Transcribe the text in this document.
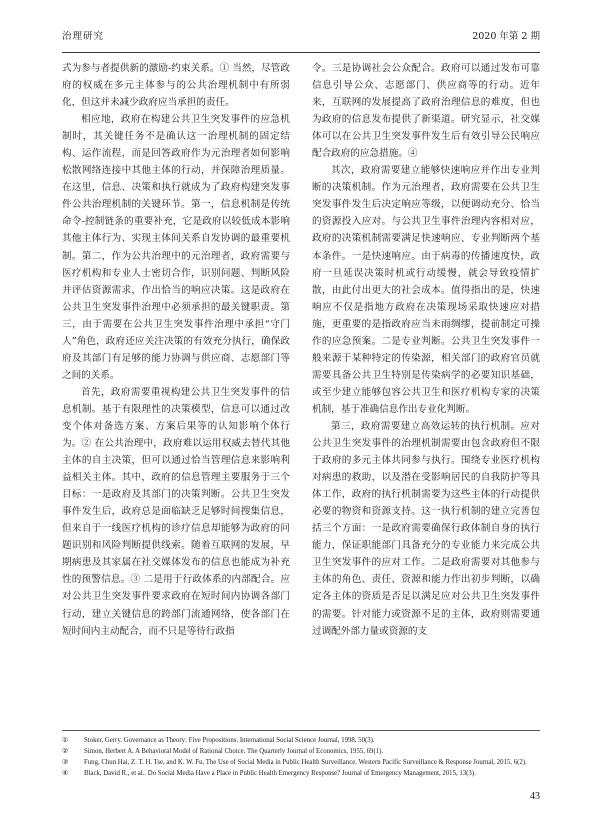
治理研究	2020 年第 2 期

式为参与者提供新的激励-约束关系。① 当然，尽管政府的权威在多元主体参与的公共治理机制中有所弱化，但这并未减少政府应当承担的责任。

相应地，政府在构建公共卫生突发事件的应急机制时，其关键任务不是确认这一治理机制的固定结构、运作流程，而是回答政府作为元治理者如何影响松散网络连接中其他主体的行动，并保障治理质量。在这里，信息、决策和执行就成为了政府构建突发事件公共治理机制的关键环节。第一，信息机制是传统命令-控制链条的重要补充，它是政府以较低成本影响其他主体行为、实现主体间关系自发协调的最重要机制。第二，作为公共治理中的元治理者，政府需要与医疗机构和专业人士密切合作，识别问题、判断风险并评估资源需求，作出恰当的响应决策。这是政府在公共卫生突发事件治理中必须承担的最关键职责。第三，由于需要在公共卫生突发事件治理中承担“守门人”角色，政府还应关注决策的有效充分执行，确保政府及其部门有足够的能力协调与供应商、志愿部门等之间的关系。

首先，政府需要重视构建公共卫生突发事件的信息机制。基于有限理性的决策模型，信息可以通过改变个体对备选方案、方案后果等的认知影响个体行为。② 在公共治理中，政府难以运用权威去替代其他主体的自主决策，但可以通过恰当管理信息来影响利益相关主体。其中，政府的信息管理主要服务于三个目标：一是政府及其部门的决策判断。公共卫生突发事件发生后，政府总是面临缺乏足够时间搜集信息，但来自于一线医疗机构的诊疗信息却能够为政府的问题识别和风险判断提供线索。随着互联网的发展，早期病患及其家属在社交媒体发布的信息也能成为补充性的预警信息。③ 二是用于行政体系的内部配合。应对公共卫生突发事件要求政府在短时间内协调各部门行动，建立关键信息的跨部门流通网络，使各部门在短时间内主动配合，而不只是等待行政指

令。三是协调社会公众配合。政府可以通过发布可靠信息引导公众、志愿部门、供应商等的行动。近年来，互联网的发展提高了政府治理信息的难度，但也为政府的信息发布提供了新渠道。研究显示，社交媒体可以在公共卫生突发事件发生后有效引导公民响应配合政府的应急措施。④

其次，政府需要建立能够快速响应并作出专业判断的决策机制。作为元治理者，政府需要在公共卫生突发事件发生后决定响应等级，以便调动充分、恰当的资源投入应对。与公共卫生事件治理内容相对应，政府的决策机制需要满足快速响应、专业判断两个基本条件。一是快速响应。由于病毒的传播速度快，政府一旦延误决策时机或行动缓慢，就会导致疫情扩散，由此付出更大的社会成本。值得指出的是，快速响应不仅是指地方政府在决策现场采取快速应对措施，更重要的是指政府应当未雨绸缪，提前制定可操作的应急预案。二是专业判断。公共卫生突发事件一般来源于某种特定的传染源，相关部门的政府官员就需要具备公共卫生特别是传染病学的必要知识基础，或至少建立能够包容公共卫生和医疗机构专家的决策机制，基于准确信息作出专业化判断。

第三，政府需要建立高效运转的执行机制。应对公共卫生突发事件的治理机制需要由包含政府但不限于政府的多元主体共同参与执行。围绕专业医疗机构对病患的救助，以及潜在受影响居民的自我防护等具体工作，政府的执行机制需要为这些主体的行动提供必要的物资和资源支持。这一执行机制的建立完善包括三个方面：一是政府需要确保行政体制自身的执行能力，保证职能部门具备充分的专业能力来完成公共卫生突发事件的应对工作。二是政府需要对其他参与主体的角色、责任、资源和能力作出初步判断，以确定各主体的资质是否足以满足应对公共卫生突发事件的需要。针对能力或资源不足的主体，政府则需要通过调配外部力量或资源的支

①	Stoker, Gerry. Governance as Theory: Five Propositions. International Social Science Journal, 1998, 50(3).
②	Simon, Herbert A. A Behavioral Model of Rational Choice. The Quarterly Journal of Economics, 1955, 69(1).
③	Fung, Chun Hai, Z. T. H. Tse, and K. W. Fu. The Use of Social Media in Public Health Surveillance. Western Pacific Surveillance & Response Journal, 2015, 6(2).
④	Black, David R., et al.. Do Social Media Have a Place in Public Health Emergency Response? Journal of Emergency Management, 2015, 13(3).
43
